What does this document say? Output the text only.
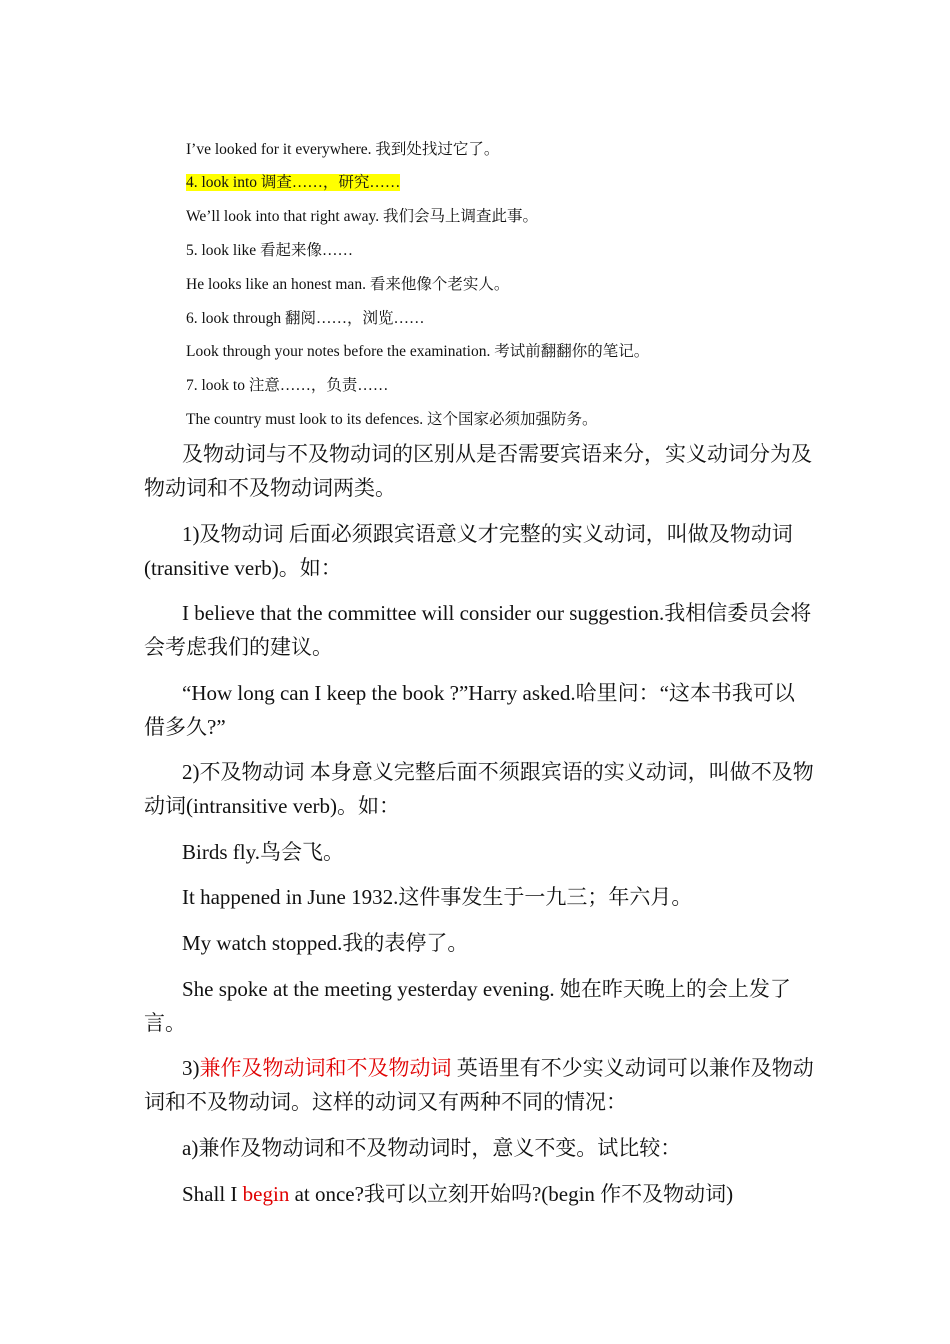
I’ve looked for it everywhere. 我到处找过它了。
4. look into 调查……，研究……
We’ll look into that right away. 我们会马上调查此事。
5. look like 看起来像……
He looks like an honest man. 看来他像个老实人。
6. look through 翻阅……，浏览……
Look through your notes before the examination. 考试前翻翻你的笔记。
7. look to 注意……，负责……
The country must look to its defences. 这个国家必须加强防务。
及物动词与不及物动词的区别从是否需要宾语来分，实义动词分为及物动词和不及物动词两类。
1)及物动词 后面必须跟宾语意义才完整的实义动词，叫做及物动词(transitive verb)。如：
I believe that the committee will consider our suggestion.我相信委员会将会考虑我们的建议。
“How long can I keep the book ?”Harry asked.哈里问：“这本书我可以借多久?”
2)不及物动词 本身意义完整后面不须跟宾语的实义动词，叫做不及物动词(intransitive verb)。如：
Birds fly.鸟会飞。
It happened in June 1932.这件事发生于一九三；年六月。
My watch stopped.我的表停了。
She spoke at the meeting yesterday evening. 她在昨天晚上的会上发了言。
3)兼作及物动词和不及物动词 英语里有不少实义动词可以兼作及物动词和不及物动词。这样的动词又有两种不同的情况：
a)兼作及物动词和不及物动词时，意义不变。试比较：
Shall I begin at once?我可以立刻开始吗?(begin 作不及物动词)
